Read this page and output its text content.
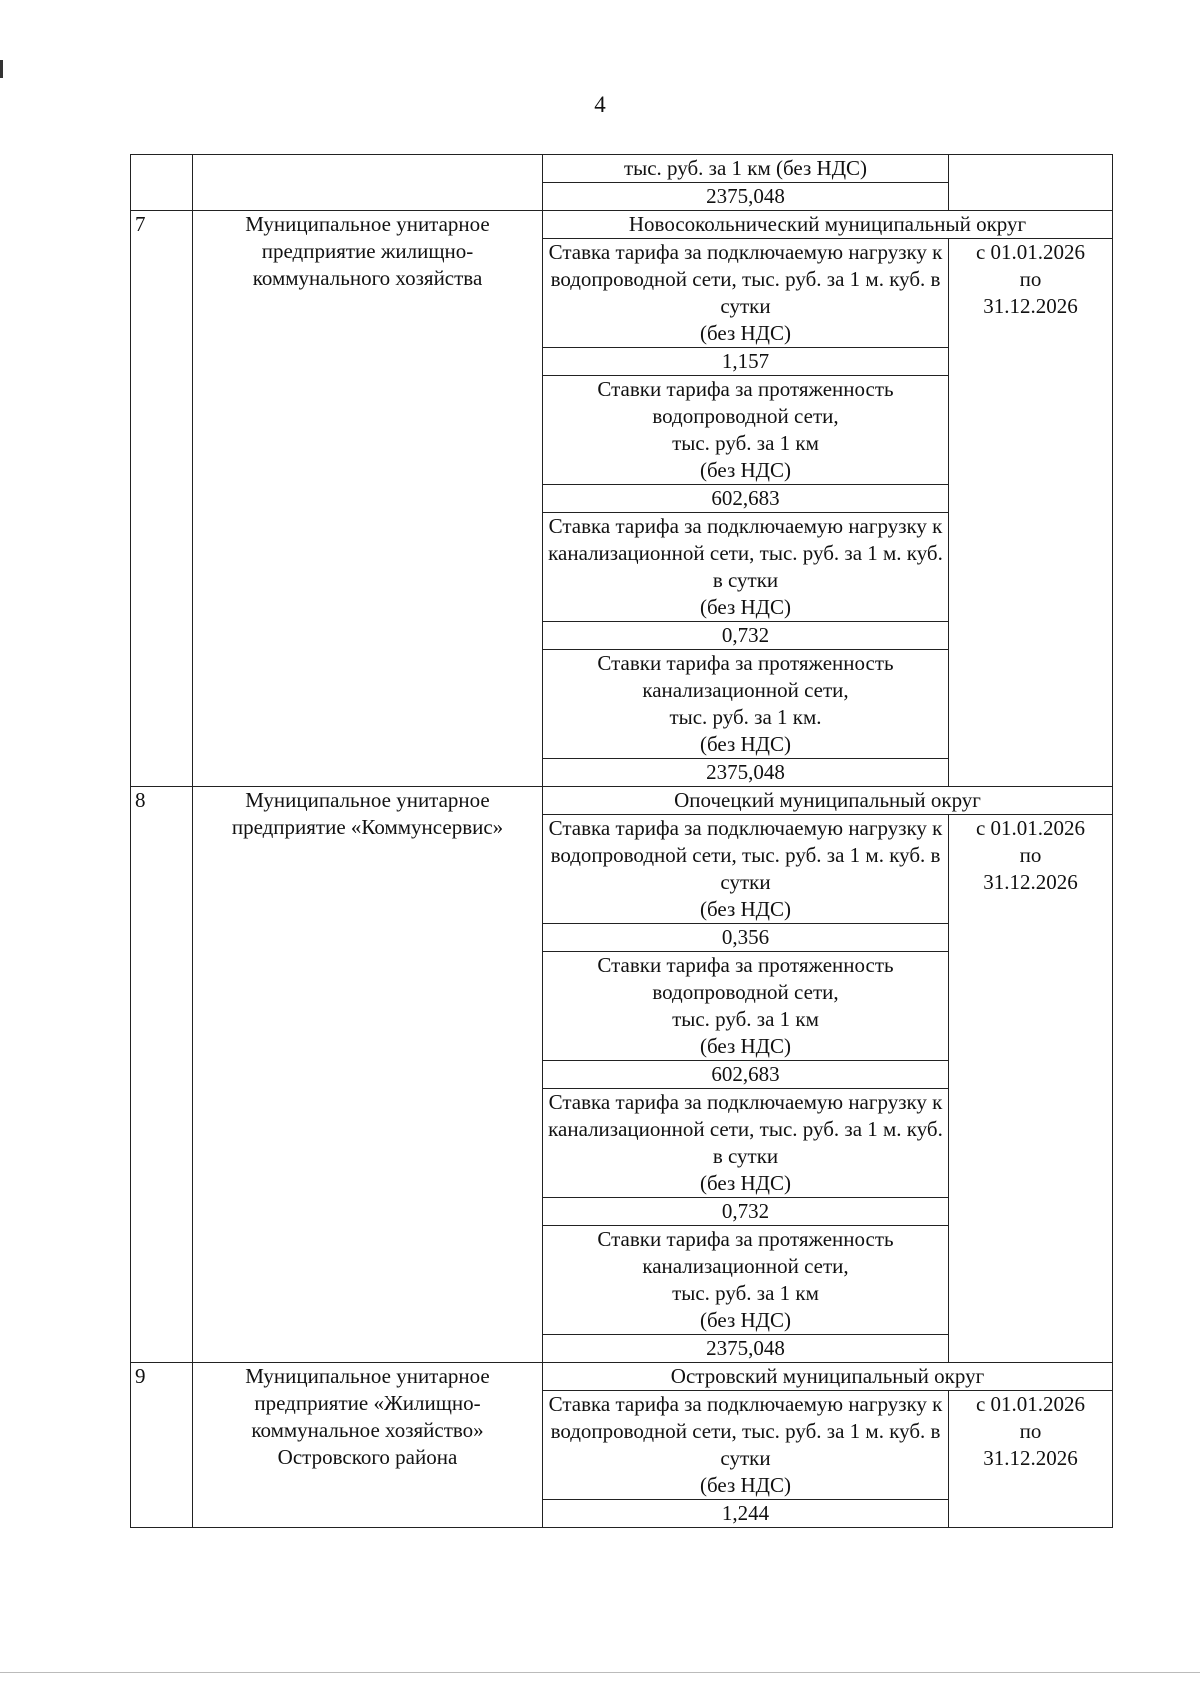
4
		тыс. руб. за 1 км (без НДС)	
		2375,048	
7	Муниципальное унитарное предприятие жилищно-коммунального хозяйства	Новосокольнический муниципальный округ	
		Ставка тарифа за подключаемую нагрузку к водопроводной сети, тыс. руб. за 1 м. куб. в сутки
(без НДС)	с 01.01.2026
по
31.12.2026
		1,157	
		Ставки тарифа за протяженность водопроводной сети,
тыс. руб. за 1 км
(без НДС)	
		602,683	
		Ставка тарифа за подключаемую нагрузку к канализационной сети, тыс. руб. за 1 м. куб. в сутки
(без НДС)	
		0,732	
		Ставки тарифа за протяженность канализационной сети,
тыс. руб. за 1 км.
(без НДС)	
		2375,048	
8	Муниципальное унитарное предприятие «Коммунсервис»	Опочецкий муниципальный округ	
		Ставка тарифа за подключаемую нагрузку к водопроводной сети, тыс. руб. за 1 м. куб. в сутки
(без НДС)	с 01.01.2026
по
31.12.2026
		0,356	
		Ставки тарифа за протяженность водопроводной сети,
тыс. руб. за 1 км
(без НДС)	
		602,683	
		Ставка тарифа за подключаемую нагрузку к канализационной сети, тыс. руб. за 1 м. куб. в сутки
(без НДС)	
		0,732	
		Ставки тарифа за протяженность канализационной сети,
тыс. руб. за 1 км
(без НДС)	
		2375,048	
9	Муниципальное унитарное предприятие «Жилищно-коммунальное хозяйство» Островского района	Островский муниципальный округ	
		Ставка тарифа за подключаемую нагрузку к водопроводной сети, тыс. руб. за 1 м. куб. в сутки
(без НДС)	с 01.01.2026
по
31.12.2026
		1,244	
